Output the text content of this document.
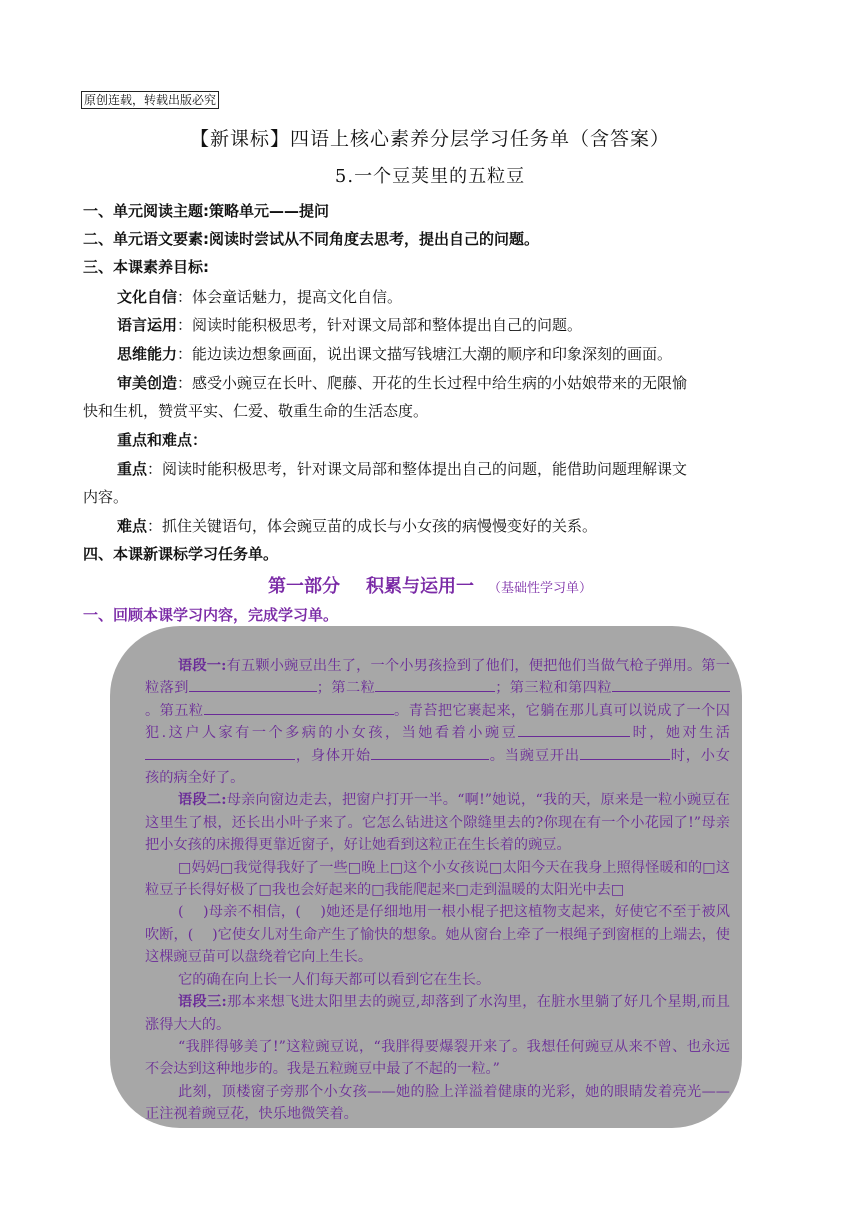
原创连载，转载出版必究
【新课标】四语上核心素养分层学习任务单（含答案）
5.一个豆荚里的五粒豆
一、单元阅读主题:策略单元——提问
二、单元语文要素:阅读时尝试从不同角度去思考，提出自己的问题。
三、本课素养目标:
文化自信：体会童话魅力，提高文化自信。
语言运用：阅读时能积极思考，针对课文局部和整体提出自己的问题。
思维能力：能边读边想象画面，说出课文描写钱塘江大潮的顺序和印象深刻的画面。
审美创造：感受小豌豆在长叶、爬藤、开花的生长过程中给生病的小姑娘带来的无限愉
快和生机，赞赏平实、仁爱、敬重生命的生活态度。
重点和难点：
重点：阅读时能积极思考，针对课文局部和整体提出自己的问题，能借助问题理解课文
内容。
难点：抓住关键语句，体会豌豆苗的成长与小女孩的病慢慢变好的关系。
四、本课新课标学习任务单。
第一部分 积累与运用一 （基础性学习单）
一、回顾本课学习内容，完成学习单。

语段一:有五颗小豌豆出生了，一个小男孩捡到了他们，便把他们当做气枪子弹用。第一粒落到	；第二粒	；第三粒和第四粒。第五粒	。青苔把它裹起来，它躺在那儿真可以说成了一个囚犯.这户人家有一个多病的小女孩，当她看着小豌豆	时，她对生活，身体开始	。当豌豆开出	时，小女孩的病全好了。

语段二:母亲向窗边走去，把窗户打开一半。“啊!”她说，“我的天，原来是一粒小豌豆在这里生了根，还长出小叶子来了。它怎么钻进这个隙缝里去的?你现在有一个小花园了!”母亲把小女孩的床搬得更靠近窗子，好让她看到这粒正在生长着的豌豆。

□妈妈□我觉得我好了一些□晚上□这个小女孩说□太阳今天在我身上照得怪暖和的□这粒豆子长得好极了□我也会好起来的□我能爬起来□走到温暖的太阳光中去□

(　 )母亲不相信，(　 )她还是仔细地用一根小棍子把这植物支起来，好使它不至于被风吹断，(　 )它使女儿对生命产生了愉快的想象。她从窗台上牵了一根绳子到窗框的上端去，使这棵豌豆苗可以盘绕着它向上生长。

它的确在向上长一人们每天都可以看到它在生长。

语段三:那本来想飞进太阳里去的豌豆,却落到了水沟里，在脏水里躺了好几个星期,而且涨得大大的。

“我胖得够美了!”这粒豌豆说，“我胖得要爆裂开来了。我想任何豌豆从来不曾、也永远不会达到这种地步的。我是五粒豌豆中最了不起的一粒。”

此刻，顶楼窗子旁那个小女孩——她的脸上洋溢着健康的光彩，她的眼睛发着亮光——正注视着豌豆花，快乐地微笑着。
